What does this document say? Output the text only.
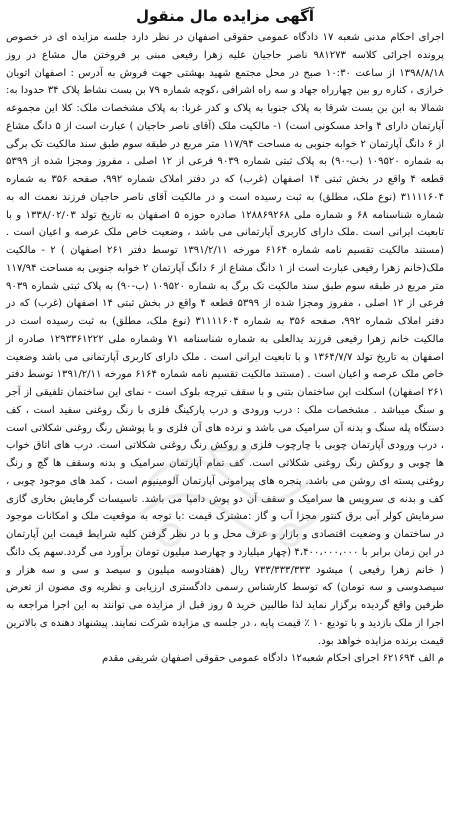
آگهی مزایده مال منقول

اجرای احکام مدنی شعبه ۱۷ دادگاه عمومی حقوقی اصفهان در نظر دارد جلسه مزایده ای در خصوص پرونده اجرائی کلاسه ۹۸۱۲۷۳ ناصر حاجیان علیه زهرا رفیعی مبنی بر فروختن مال مشاع در روز ۱۳۹۸/۸/۱۸ از ساعت ۱۰:۳۰ صبح در محل مجتمع شهید بهشتی جهت فروش به آدرس : اصفهان اتوبان خرازی ، کناره رو بین چهارراه جهاد و سه راه اشرافی ،کوچه شماره ۷۹ بن بست نشاط پلاک ۳۴ حدودا به: شمالا به ابن بن بست شرقا به پلاک جنوبا به پلاک و کدر غربا: به پلاک مشخصات ملک: کلا این مجموعه آپارتمان دارای ۴ واحد مسکونی است) ۱- مالکیت ملک (آقای ناصر حاجیان ) عبارت است از ۵ دانگ مشاع از ۶ دانگ آپارتمان ۲ خوابه جنوبی به مساحت ۱۱۷/۹۴ متر مربع در طبقه سوم طبق سند مالکیت تک برگی به شماره ۱۰۹۵۲۰ (ب-۹۰) به پلاک ثبتی شماره ۹۰۳۹ فرعی از ۱۲ اصلی ، مفروز ومجزا شده از ۵۳۹۹ قطعه ۴ واقع در بخش ثبتی ۱۴ اصفهان (غرب) که در دفتر املاک شماره ۹۹۲، صفحه ۳۵۶ به شماره ۳۱۱۱۱۶۰۴ (نوع ملک، مطلق) به ثبت رسیده است و در مالکیت آقای ناصر حاجیان فرزند نعمت اله به شماره شناسنامه ۶۸ و شماره ملی ۱۲۸۸۶۹۲۶۸ صادره حوزه ۵ اصفهان به تاریخ تولد ۱۳۳۸/۰۲/۰۳ و با تابعیت ایرانی است .ملک دارای کاربری آپارتمانی می باشد ، وضعیت خاص ملک عرصه و اعیان است . (مستند مالکیت تقسیم نامه شماره ۶۱۶۴ مورخه ۱۳۹۱/۲/۱۱ توسط دفتر ۲۶۱ اصفهان ) ۲ - مالکیت ملک(خانم زهرا رفیعی عبارت است از ۱ دانگ مشاع از ۶ دانگ آپارتمان ۲ خوابه جنوبی به مساحت ۱۱۷/۹۴ متر مربع در طبقه سوم طبق سند مالکیت تک برگ به شماره ۱۰۹۵۲۰ (ب-۹۰) به پلاک ثبتی شماره ۹۰۳۹ فرعی از ۱۲ اصلی ، مفروز ومجزا شده از ۵۳۹۹ قطعه ۴ واقع در بخش ثبتی ۱۴ اصفهان (غرب) که در دفتر املاک شماره ۹۹۲، صفحه ۳۵۶ به شماره ۳۱۱۱۱۶۰۴ (نوع ملک، مطلق) به ثبت رسیده است در مالکیت خانم زهرا رفیعی فرزند یدالعلی به شماره شناسنامه ۷۱ وشماره ملی ۱۲۹۳۳۶۱۲۲۲ صادره از اصفهان به تاریخ تولد ۱۳۶۴/۷/۷ و با تابعیت ایرانی است . ملک دارای کاربری آپارتمانی می باشد وضعیت خاص ملک عرصه و اعیان است . (مستند مالکیت تقسیم نامه شماره ۶۱۶۴ مورخه ۱۳۹۱/۲/۱۱ توسط دفتر ۲۶۱ اصفهان) اسکلت این ساختمان بتنی و با سقف تیرچه بلوک است - نمای این ساختمان تلفیقی از آجر و سنگ میباشد . مشخصات ملک : درب ورودی و درب پارکینگ فلزی با رنگ روغنی سفید است ، کف دستگاه پله سنگ و بدنه آن سرامیک می باشد و نرده های آن فلزی و با پوشش رنگ روغنی شکلاتی است ، درب ورودی آپارتمان چوبی با چارچوب فلزی و روکش رنگ روغنی شکلاتی است. درب های اتاق خواب ها چوبی و روکش رنگ روغنی شکلاتی است. کف تمام آپارتمان سرامیک و بدنه وسقف ها گچ و رنگ روغنی پسته ای روشن می باشد. پنجره های پیرامونی آپارتمان آلومینیوم است ، کمد های موجود چوبی ، کف و بدنه ی سرویس ها سرامیک و سقف آن دو پوش دامپا می باشد. تاسیسات گرمایش بخاری گازی سرمایش کولر آبی برق کنتور مجزا آب و گاز :مشترک قیمت :با توجه به موقعیت ملک و امکانات موجود در ساختمان و وضعیت اقتصادی و بازار و عرف محل و با در نظر گرفتن کلیه شرایط قیمت این آپارتمان در این زمان برابر با ۴،۴۰۰،۰۰۰،۰۰۰ (چهار میلیارد و چهارصد میلیون تومان برآورد می گردد.سهم یک دانگ ( خانم زهرا رفیعی ) میشود ۷۳۳/۳۳۳/۳۳۳ ریال (هفتادوسه میلیون و سیصد و سی و سه هزار و سیصدوسی و سه تومان) که توسط کارشناس رسمی دادگستری ارزیابی و نظریه وی مصون از تعرض طرفین واقع گردیده برگزار نماید لذا طالبین خرید ۵ روز قبل از مزایده می توانند به این اجرا مراجعه به اجرا از ملک بازدید و با تودیع ۱۰ ٪ قیمت پایه ، در جلسه ی مزایده شرکت نمایند. پیشنهاد دهنده ی بالاترین قیمت برنده مزایده خواهد بود.

م الف ۶۲۱۶۹۴ اجرای احکام شعبه۱۲ دادگاه عمومی حقوقی اصفهان شریفی مقدم
